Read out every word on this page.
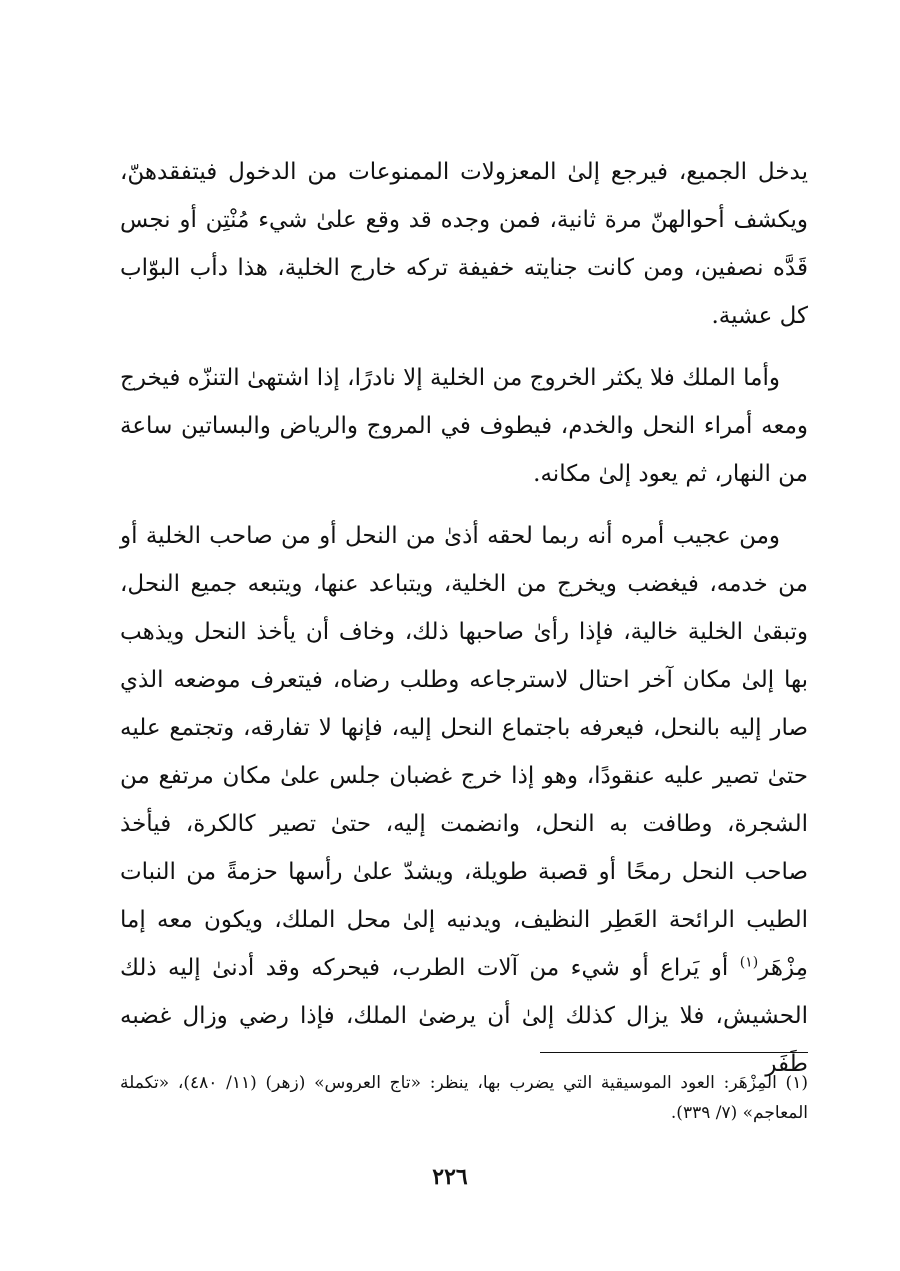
يدخل الجميع، فيرجع إلىٰ المعزولات الممنوعات من الدخول فيتفقدهنّ، ويكشف أحوالهنّ مرة ثانية، فمن وجده قد وقع علىٰ شيء مُنْتِن أو نجس قَدَّه نصفين، ومن كانت جنايته خفيفة تركه خارج الخلية، هذا دأب البوّاب كل عشية.

وأما الملك فلا يكثر الخروج من الخلية إلا نادرًا، إذا اشتهىٰ التنزّه فيخرج ومعه أمراء النحل والخدم، فيطوف في المروج والرياض والبساتين ساعة من النهار، ثم يعود إلىٰ مكانه.

ومن عجيب أمره أنه ربما لحقه أذىٰ من النحل أو من صاحب الخلية أو من خدمه، فيغضب ويخرج من الخلية، ويتباعد عنها، ويتبعه جميع النحل، وتبقىٰ الخلية خالية، فإذا رأىٰ صاحبها ذلك، وخاف أن يأخذ النحل ويذهب بها إلىٰ مكان آخر احتال لاسترجاعه وطلب رضاه، فيتعرف موضعه الذي صار إليه بالنحل، فيعرفه باجتماع النحل إليه، فإنها لا تفارقه، وتجتمع عليه حتىٰ تصير عليه عنقودًا، وهو إذا خرج غضبان جلس علىٰ مكان مرتفع من الشجرة، وطافت به النحل، وانضمت إليه، حتىٰ تصير كالكرة، فيأخذ صاحب النحل رمحًا أو قصبة طويلة، ويشدّ علىٰ رأسها حزمةً من النبات الطيب الرائحة العَطِر النظيف، ويدنيه إلىٰ محل الملك، ويكون معه إما مِزْهَر$^{(١)}$ أو يَراع أو شيء من آلات الطرب، فيحركه وقد أدنىٰ إليه ذلك الحشيش، فلا يزال كذلك إلىٰ أن يرضىٰ الملك، فإذا رضي وزال غضبه طَفَر

(١) المِزْهَر: العود الموسيقية التي يضرب بها، ينظر: «تاج العروس» (زهر) (١١/ ٤٨٠)، «تكملة المعاجم» (٧/ ٣٣٩).

٢٢٦
